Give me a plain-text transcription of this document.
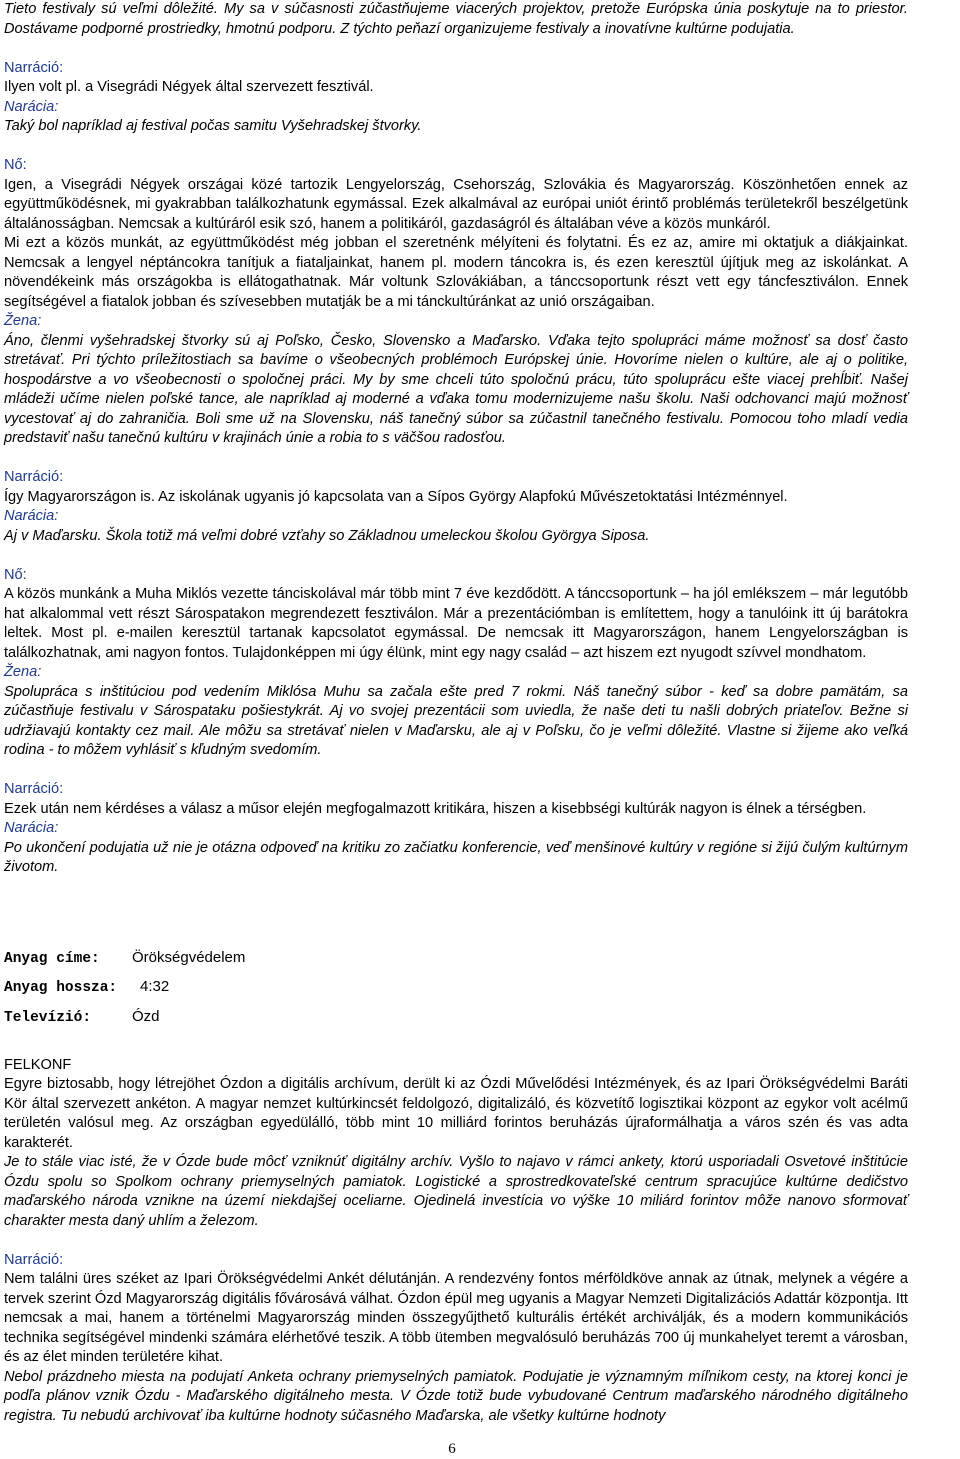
Tieto festivaly sú veľmi dôležité. My sa v súčasnosti zúčastňujeme viacerých projektov, pretože Európska únia poskytuje na to priestor. Dostávame podporné prostriedky, hmotnú podporu. Z týchto peňazí organizujeme festivaly a inovatívne kultúrne podujatia.

Narráció:

Ilyen volt pl. a Visegrádi Négyek által szervezett fesztivál.

Narácia:

Taký bol napríklad aj festival počas samitu Vyšehradskej štvorky.

Nő:

Igen, a Visegrádi Négyek országai közé tartozik Lengyelország, Csehország, Szlovákia és Magyarország. Köszönhetően ennek az együttműködésnek, mi gyakrabban találkozhatunk egymással. Ezek alkalmával az európai uniót érintő problémás területekről beszélgetünk általánosságban. Nemcsak a kultúráról esik szó, hanem a politikáról, gazdaságról és általában véve a közös munkáról.

Mi ezt a közös munkát, az együttműködést még jobban el szeretnénk mélyíteni és folytatni. És ez az, amire mi oktatjuk a diákjainkat. Nemcsak a lengyel néptáncokra tanítjuk a fiataljainkat, hanem pl. modern táncokra is, és ezen keresztül újítjuk meg az iskolánkat. A növendékeink más országokba is ellátogathatnak. Már voltunk Szlovákiában, a tánccsoportunk részt vett egy táncfesztiválon. Ennek segítségével a fiatalok jobban és szívesebben mutatják be a mi tánckultúránkat az unió országaiban.

Žena:

Áno, členmi vyšehradskej štvorky sú aj Poľsko, Česko, Slovensko a Maďarsko. Vďaka tejto spolupráci máme možnosť sa dosť často stretávať. Pri týchto príležitostiach sa bavíme o všeobecných problémoch Európskej únie. Hovoríme nielen o kultúre, ale aj o politike, hospodárstve a vo všeobecnosti o spoločnej práci. My by sme chceli túto spoločnú prácu, túto spoluprácu ešte viacej prehĺbiť. Našej mládeži učíme nielen poľské tance, ale napríklad aj moderné a vďaka tomu modernizujeme našu školu. Naši odchovanci majú možnosť vycestovať aj do zahraničia. Boli sme už na Slovensku, náš tanečný súbor sa zúčastnil tanečného festivalu. Pomocou toho mladí vedia predstaviť našu tanečnú kultúru v krajinách únie a robia to s väčšou radosťou.

Narráció:

Így Magyarországon is. Az iskolának ugyanis jó kapcsolata van a Sípos György Alapfokú Művészetoktatási Intézménnyel.

Narácia:

Aj v Maďarsku. Škola totiž má veľmi dobré vzťahy so Základnou umeleckou školou Györgya Siposa.

Nő:

A közös munkánk a Muha Miklós vezette tánciskolával már több mint 7 éve kezdődött. A tánccsoportunk – ha jól emlékszem – már legutóbb hat alkalommal vett részt Sárospatakon megrendezett fesztiválon. Már a prezentációmban is említettem, hogy a tanulóink itt új barátokra leltek. Most pl. e-mailen keresztül tartanak kapcsolatot egymással. De nemcsak itt Magyarországon, hanem Lengyelországban is találkozhatnak, ami nagyon fontos. Tulajdonképpen mi úgy élünk, mint egy nagy család – azt hiszem ezt nyugodt szívvel mondhatom.

Žena:

Spolupráca s inštitúciou pod vedením Miklósa Muhu sa začala ešte pred 7 rokmi. Náš tanečný súbor - keď sa dobre pamätám, sa zúčastňuje festivalu v Sárospataku pošiestykrát. Aj vo svojej prezentácii som uviedla, že naše deti tu našli dobrých priateľov. Bežne si udržiavajú kontakty cez mail. Ale môžu sa stretávať nielen v Maďarsku, ale aj v Poľsku, čo je veľmi dôležité. Vlastne si žijeme ako veľká rodina - to môžem vyhlásiť s kľudným svedomím.

Narráció:

Ezek után nem kérdéses a válasz a műsor elején megfogalmazott kritikára, hiszen a kisebbségi kultúrák nagyon is élnek a térségben.

Narácia:

Po ukončení podujatia už nie je otázna odpoveď na kritiku zo začiatku konferencie, veď menšinové kultúry v regióne si žijú čulým kultúrnym životom.

Anyag címe:	Örökségvédelem
Anyag hossza:	4:32
Televízió:	Ózd

FELKONF

Egyre biztosabb, hogy létrejöhet Ózdon a digitális archívum, derült ki az Ózdi Művelődési Intézmények, és az Ipari Örökségvédelmi Baráti Kör által szervezett ankéton. A magyar nemzet kultúrkincsét feldolgozó, digitalizáló, és közvetítő logisztikai központ az egykor volt acélmű területén valósul meg. Az országban egyedülálló, több mint 10 milliárd forintos beruházás újraformálhatja a város szén és vas adta karakterét.

Je to stále viac isté, že v Ózde bude môcť vzniknúť digitálny archív. Vyšlo to najavo v rámci ankety, ktorú usporiadali Osvetové inštitúcie Ózdu spolu so Spolkom ochrany priemyselných pamiatok. Logistické a sprostredkovateľské centrum spracujúce kultúrne dedičstvo maďarského národa vznikne na území niekdajšej oceliarne. Ojedinelá investícia vo výške 10 miliárd forintov môže nanovo sformovať charakter mesta daný uhlím a železom.

Narráció:

Nem találni üres széket az Ipari Örökségvédelmi Ankét délutánján. A rendezvény fontos mérföldköve annak az útnak, melynek a végére a tervek szerint Ózd Magyarország digitális fővárosává válhat. Ózdon épül meg ugyanis a Magyar Nemzeti Digitalizációs Adattár központja. Itt nemcsak a mai, hanem a történelmi Magyarország minden összegyűjthető kulturális értékét archiválják, és a modern kommunikációs technika segítségével mindenki számára elérhetővé teszik. A több ütemben megvalósuló beruházás 700 új munkahelyet teremt a városban, és az élet minden területére kihat.

Nebol prázdneho miesta na podujatí Anketa ochrany priemyselných pamiatok. Podujatie je významným míľnikom cesty, na ktorej konci je podľa plánov vznik Ózdu - Maďarského digitálneho mesta. V Ózde totiž bude vybudované Centrum maďarského národného digitálneho registra. Tu nebudú archivovať iba kultúrne hodnoty súčasného Maďarska, ale všetky kultúrne hodnoty

6
